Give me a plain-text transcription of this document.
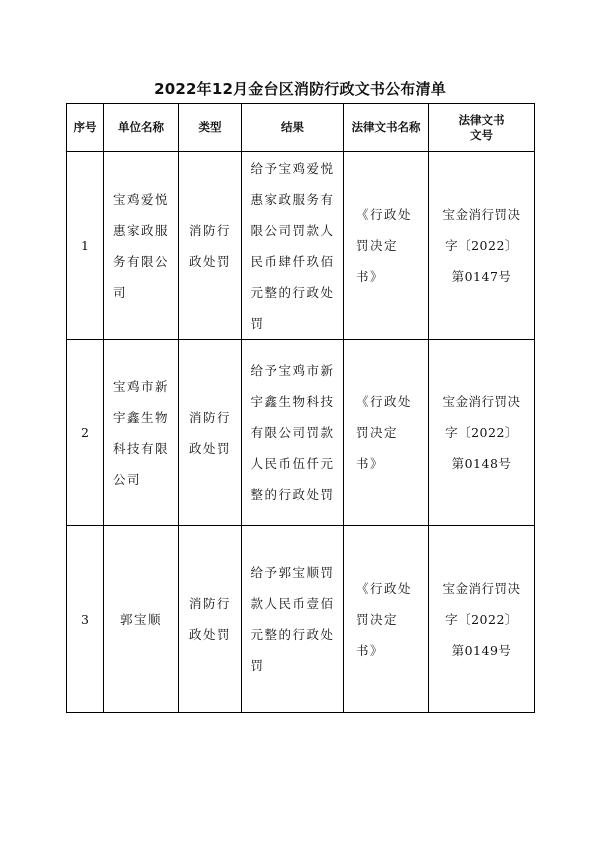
2022年12月金台区消防行政文书公布清单
序号	单位名称	类型	结果	法律文书名称	法律文书
文号

1	宝鸡爱悦惠家政服务有限公司	消防行政处罚	给予宝鸡爱悦惠家政服务有限公司罚款人民币肆仟玖佰元整的行政处罚	《行政处罚决定书》	宝金消行罚决字〔2022〕第0147号
2	宝鸡市新宇鑫生物科技有限公司	消防行政处罚	给予宝鸡市新宇鑫生物科技有限公司罚款人民币伍仟元整的行政处罚	《行政处罚决定书》	宝金消行罚决字〔2022〕第0148号
3	郭宝顺	消防行政处罚	给予郭宝顺罚款人民币壹佰元整的行政处罚	《行政处罚决定书》	宝金消行罚决字〔2022〕第0149号
